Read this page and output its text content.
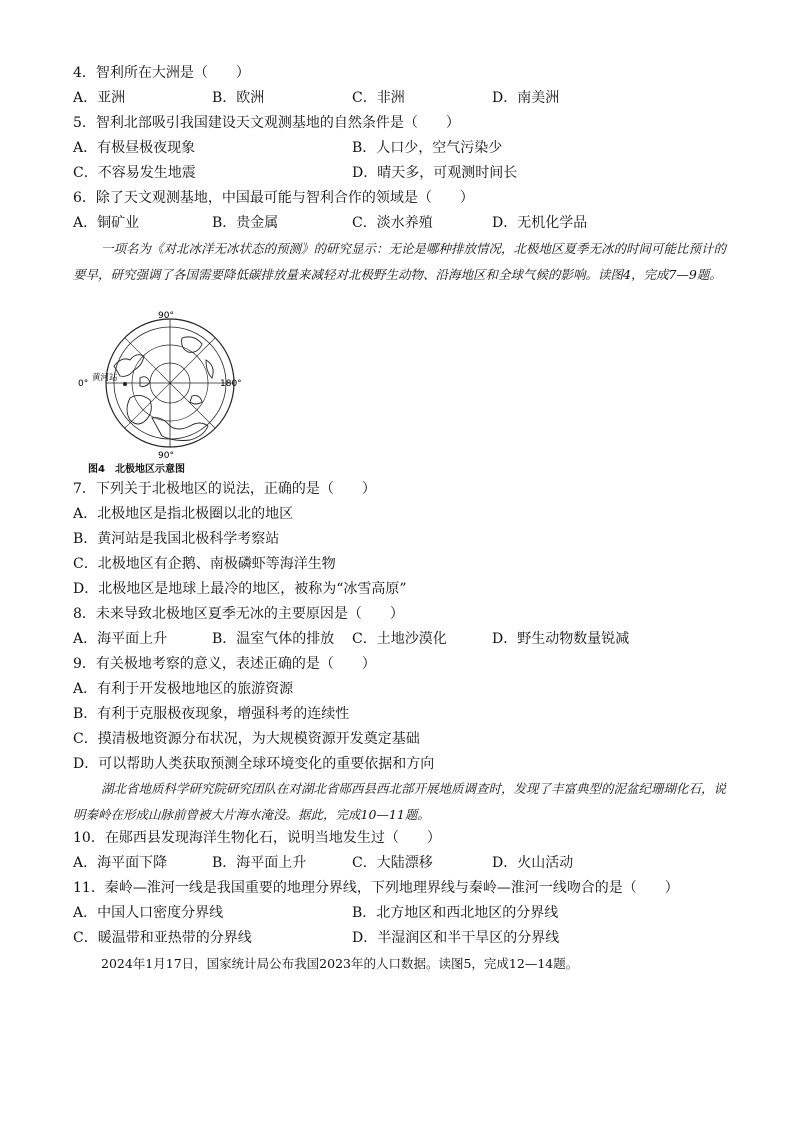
4．智利所在大洲是（　　）
A．亚洲	B．欧洲	C．非洲	D．南美洲
5．智利北部吸引我国建设天文观测基地的自然条件是（　　）
A．有极昼极夜现象	B．人口少，空气污染少
C．不容易发生地震	D．晴天多，可观测时间长
6．除了天文观测基地，中国最可能与智利合作的领域是（　　）
A．铜矿业	B．贵金属	C．淡水养殖	D．无机化学品
一项名为《对北冰洋无冰状态的预测》的研究显示：无论是哪种排放情况，北极地区夏季无冰的时间可能比预计的要早，研究强调了各国需要降低碳排放量来减轻对北极野生动物、沿海地区和全球气候的影响。读图4，完成7—9题。
90°
90°
0°	180°
黄河站
图4　北极地区示意图
7．下列关于北极地区的说法，正确的是（　　）
A．北极地区是指北极圈以北的地区
B．黄河站是我国北极科学考察站
C．北极地区有企鹅、南极磷虾等海洋生物
D．北极地区是地球上最冷的地区，被称为“冰雪高原”
8．未来导致北极地区夏季无冰的主要原因是（　　）
A．海平面上升	B．温室气体的排放 C．土地沙漠化	D．野生动物数量锐减
9．有关极地考察的意义，表述正确的是（　　）
A．有利于开发极地地区的旅游资源
B．有利于克服极夜现象，增强科考的连续性
C．摸清极地资源分布状况，为大规模资源开发奠定基础
D．可以帮助人类获取预测全球环境变化的重要依据和方向
湖北省地质科学研究院研究团队在对湖北省郧西县西北部开展地质调查时，发现了丰富典型的泥盆纪珊瑚化石，说明秦岭在形成山脉前曾被大片海水淹没。据此，完成10—11题。
10．在郧西县发现海洋生物化石，说明当地发生过（　　）
A．海平面下降	B．海平面上升	C．大陆漂移	D．火山活动
11．秦岭—淮河一线是我国重要的地理分界线，下列地理界线与秦岭—淮河一线吻合的是（　　）
A．中国人口密度分界线	B．北方地区和西北地区的分界线
C．暖温带和亚热带的分界线	D．半湿润区和半干旱区的分界线
2024年1月17日，国家统计局公布我国2023年的人口数据。读图5，完成12—14题。
